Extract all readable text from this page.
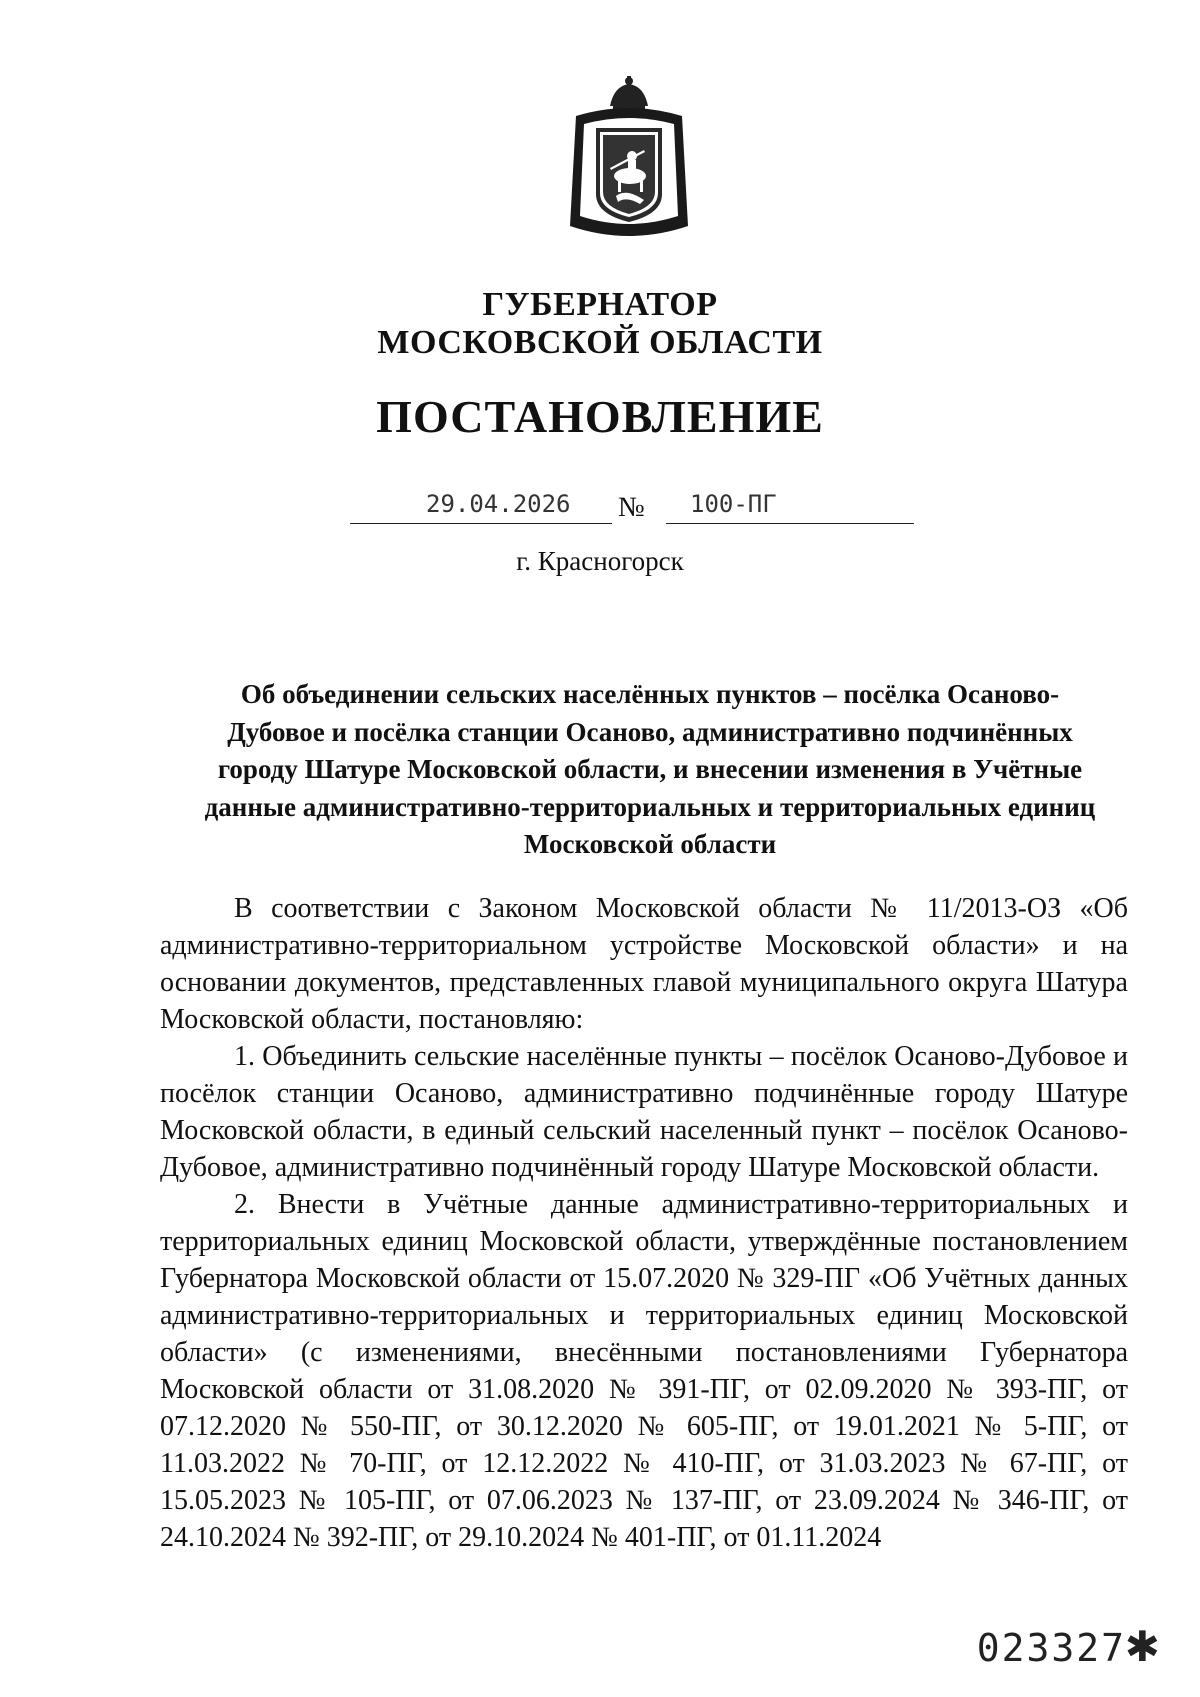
ГУБЕРНАТОР
МОСКОВСКОЙ ОБЛАСТИ
ПОСТАНОВЛЕНИЕ
29.04.2026 № 100-ПГ
г. Красногорск
Об объединении сельских населённых пунктов – посёлка Осаново-Дубовое и посёлка станции Осаново, административно подчинённых городу Шатуре Московской области, и внесении изменения в Учётные данные административно-территориальных и территориальных единиц Московской области

В соответствии с Законом Московской области № 11/2013-ОЗ «Об административно-территориальном устройстве Московской области» и на основании документов, представленных главой муниципального округа Шатура Московской области, постановляю:

1. Объединить сельские населённые пункты – посёлок Осаново-Дубовое и посёлок станции Осаново, административно подчинённые городу Шатуре Московской области, в единый сельский населенный пункт – посёлок Осаново-Дубовое, административно подчинённый городу Шатуре Московской области.

2. Внести в Учётные данные административно-территориальных и территориальных единиц Московской области, утверждённые постановлением Губернатора Московской области от 15.07.2020 № 329-ПГ «Об Учётных данных административно-территориальных и территориальных единиц Московской области» (с изменениями, внесёнными постановлениями Губернатора Московской области от 31.08.2020 № 391-ПГ, от 02.09.2020 № 393-ПГ, от 07.12.2020 № 550-ПГ, от 30.12.2020 № 605-ПГ, от 19.01.2021 № 5-ПГ, от 11.03.2022 № 70-ПГ, от 12.12.2022 № 410-ПГ, от 31.03.2023 № 67-ПГ, от 15.05.2023 № 105-ПГ, от 07.06.2023 № 137-ПГ, от 23.09.2024 № 346-ПГ, от 24.10.2024 № 392-ПГ, от 29.10.2024 № 401-ПГ, от 01.11.2024

023327
✱
